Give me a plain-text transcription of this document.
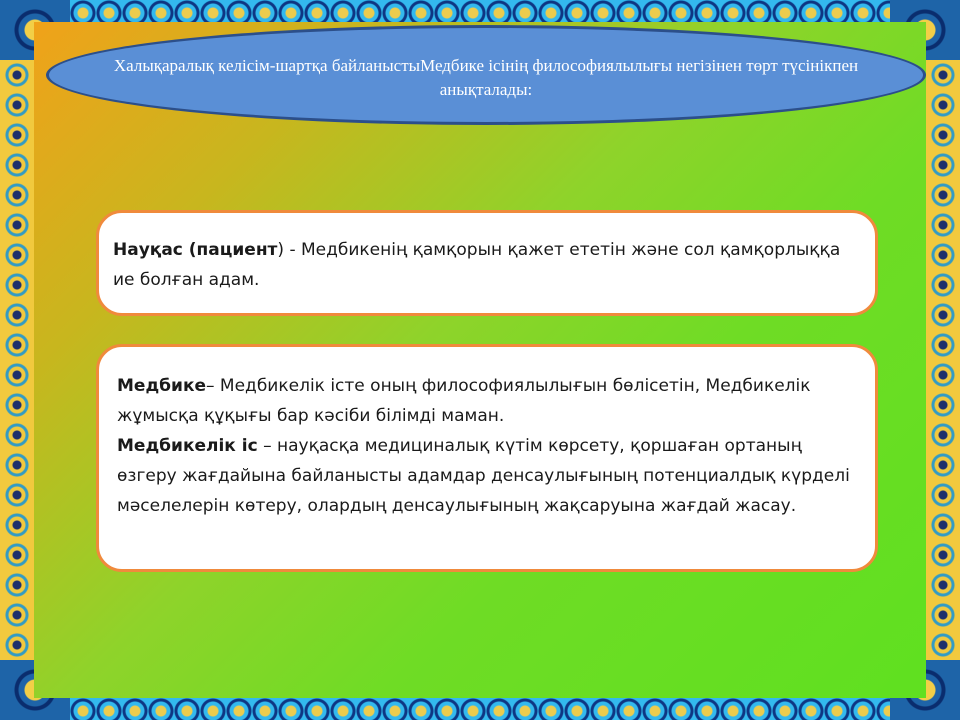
Халықаралық келісім-шартқа байланыстыМедбике ісінің философиялылығы негізінен төрт түсінікпен анықталады:
Науқас (пациент) - Медбикенің қамқорын қажет ететін және сол қамқорлыққа ие болған адам.
Медбике– Медбикелік істе оның философиялылығын бөлісетін, Медбикелік жұмысқа құқығы бар кәсіби білімді маман.
Медбикелік іс – науқасқа медициналық күтім көрсету, қоршаған ортаның өзгеру жағдайына байланысты адамдар денсаулығының потенциалдық күрделі мәселелерін көтеру, олардың денсаулығының жақсаруына жағдай жасау.
